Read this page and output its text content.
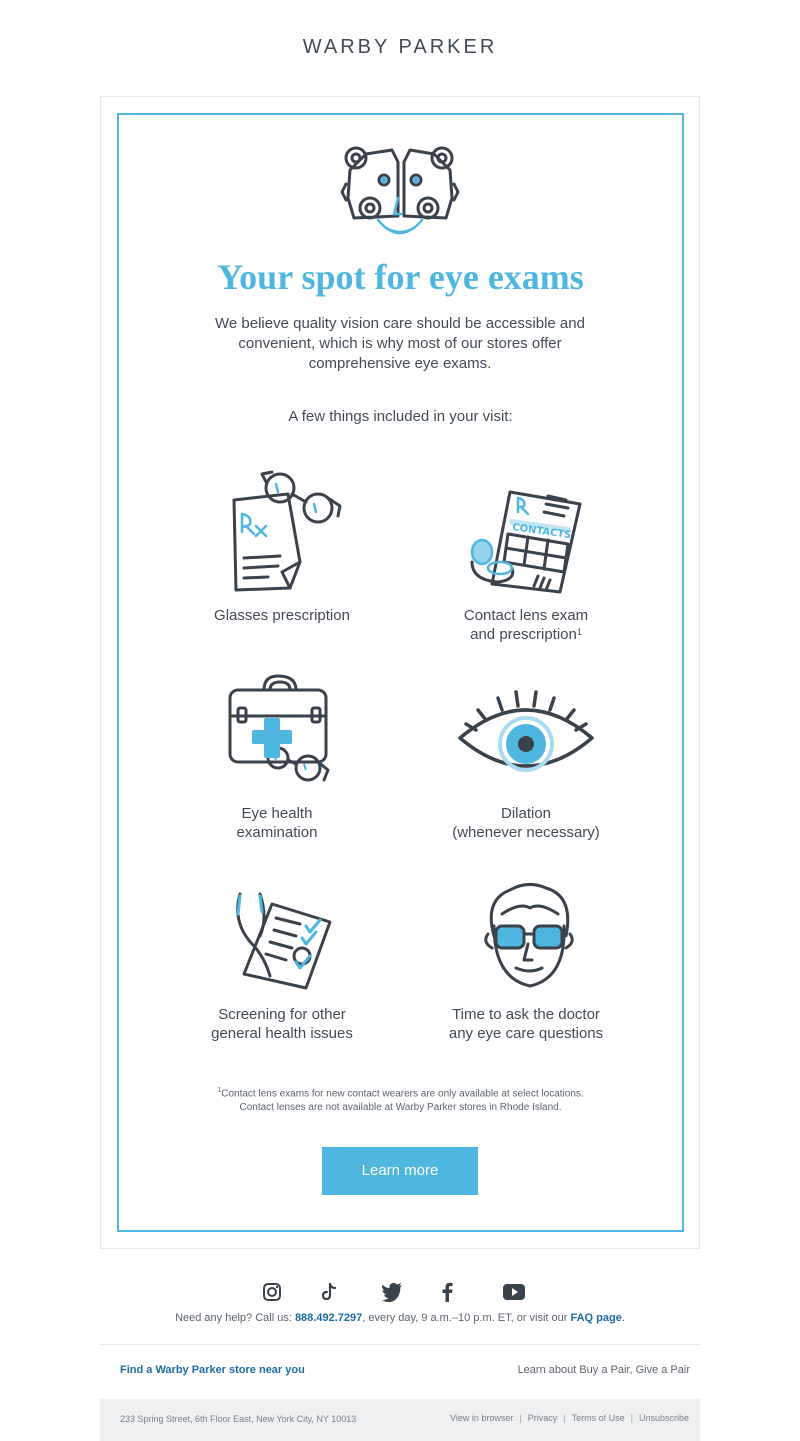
WARBY PARKER
Your spot for eye exams
We believe quality vision care should be accessible and convenient, which is why most of our stores offer comprehensive eye exams.
A few things included in your visit:
Glasses prescription
CONTACTS
Contact lens exam
and prescription$^1$
Eye health
examination
Dilation
(whenever necessary)
Screening for other
general health issues
Time to ask the doctor
any eye care questions
$^1$Contact lens exams for new contact wearers are only available at select locations.
Contact lenses are not available at Warby Parker stores in Rhode Island.
Learn more
Need any help? Call us: 888.492.7297, every day, 9 a.m.–10 p.m. ET, or visit our FAQ page.
Find a Warby Parker store near you	Learn about Buy a Pair, Give a Pair
233 Spring Street, 6th Floor East, New York City, NY 10013	View in browser | Privacy | Terms of Use | Unsubscribe
